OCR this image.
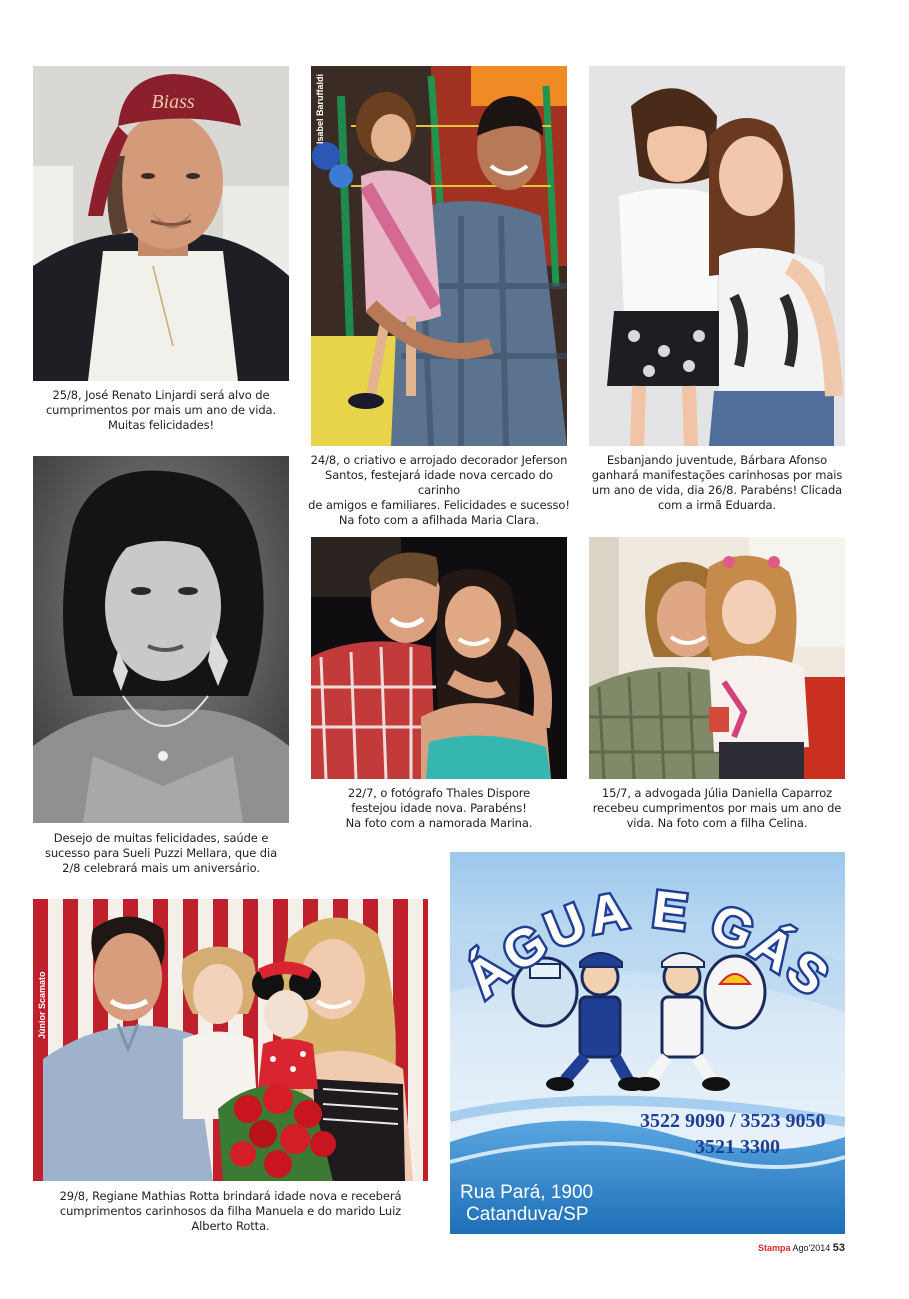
Biass
25/8, José Renato Linjardi será alvo de
cumprimentos por mais um ano de vida.
Muitas felicidades!
Isabel Baruffaldi
24/8, o criativo e arrojado decorador Jeferson
Santos, festejará idade nova cercado do carinho
de amigos e familiares. Felicidades e sucesso!
Na foto com a afilhada Maria Clara.
Esbanjando juventude, Bárbara Afonso
ganhará manifestações carinhosas por mais
um ano de vida, dia 26/8. Parabéns! Clicada
com a irmã Eduarda.
Desejo de muitas felicidades, saúde e
sucesso para Sueli Puzzi Mellara, que dia
2/8 celebrará mais um aniversário.
22/7, o fotógrafo Thales Dispore
festejou idade nova. Parabéns!
Na foto com a namorada Marina.
15/7, a advogada Júlia Daniella Caparroz
recebeu cumprimentos por mais um ano de
vida. Na foto com a filha Celina.
Júnior Scamato
29/8, Regiane Mathias Rotta brindará idade nova e receberá
cumprimentos carinhosos da filha Manuela e do marido Luiz
Alberto Rotta.
ÁGUA E GÁS
3522 9090 / 3523 9050
3521 3300
Rua Pará, 1900
Catanduva/SP
Stampa Ago'2014 53
